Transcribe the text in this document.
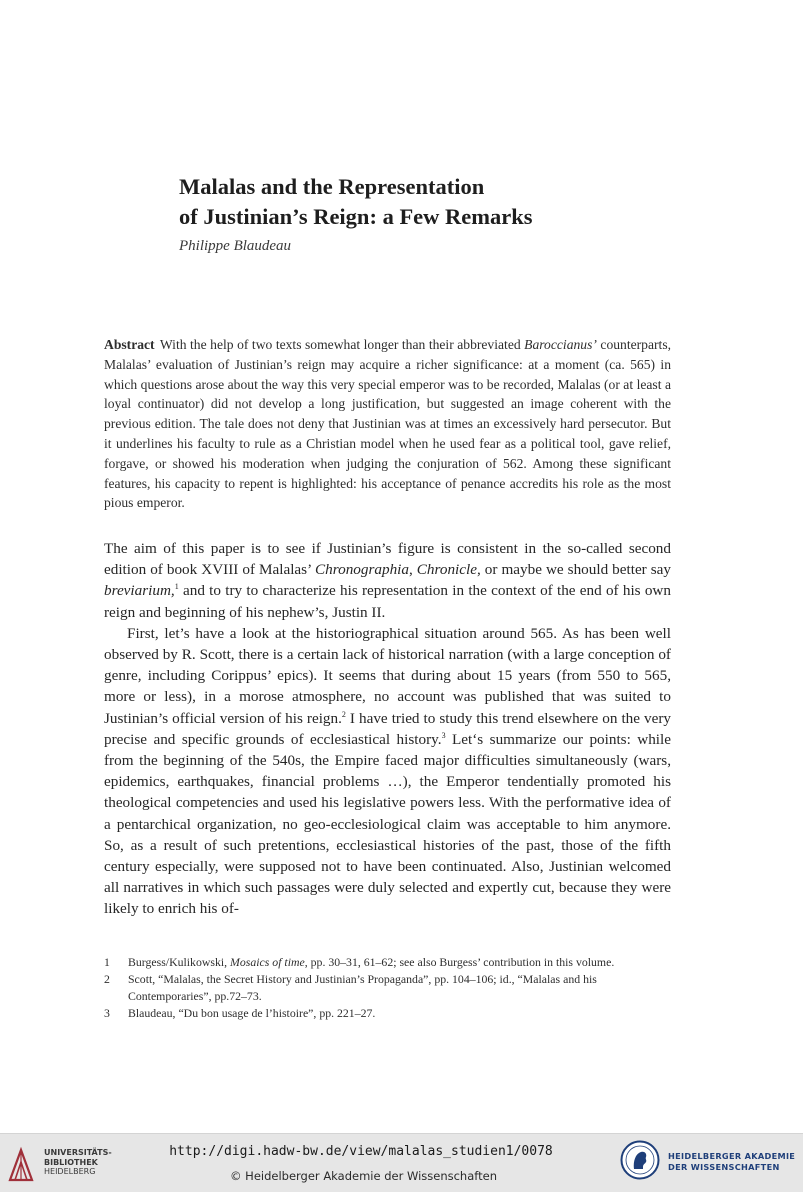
Malalas and the Representation
of Justinian’s Reign: a Few Remarks
Philippe Blaudeau
Abstract With the help of two texts somewhat longer than their abbreviated Baroccianus’ counterparts, Malalas’ evaluation of Justinian’s reign may acquire a richer significance: at a moment (ca. 565) in which questions arose about the way this very special emperor was to be recorded, Malalas (or at least a loyal continuator) did not develop a long justification, but suggested an image coherent with the previous edition. The tale does not deny that Justinian was at times an excessively hard persecutor. But it underlines his faculty to rule as a Christian model when he used fear as a political tool, gave relief, forgave, or showed his moderation when judging the conjuration of 562. Among these significant features, his capacity to repent is highlighted: his acceptance of penance accredits his role as the most pious emperor.

The aim of this paper is to see if Justinian’s figure is consistent in the so-called second edition of book XVIII of Malalas’ Chronographia, Chronicle, or maybe we should better say breviarium,$^1$ and to try to characterize his representation in the context of the end of his own reign and beginning of his nephew’s, Justin II.

First, let’s have a look at the historiographical situation around 565. As has been well observed by R. Scott, there is a certain lack of historical narration (with a large conception of genre, including Corippus’ epics). It seems that during about 15 years (from 550 to 565, more or less), in a morose atmosphere, no account was published that was suited to Justinian’s official version of his reign.$^2$ I have tried to study this trend elsewhere on the very precise and specific grounds of ecclesiastical history.$^3$ Let‘s summarize our points: while from the beginning of the 540s, the Empire faced major difficulties simultaneously (wars, epidemics, earthquakes, financial problems …), the Emperor tendentially promoted his theological competencies and used his legislative powers less. With the performative idea of a pentarchical organization, no geo-ecclesiological claim was acceptable to him anymore. So, as a result of such pretentions, ecclesiastical histories of the past, those of the fifth century especially, were supposed not to have been continuated. Also, Justinian welcomed all narratives in which such passages were duly selected and expertly cut, because they were likely to enrich his of-

1	Burgess/Kulikowski, Mosaics of time, pp. 30–31, 61–62; see also Burgess’ contribution in this volume.
2	Scott, “Malalas, the Secret History and Justinian’s Propaganda”, pp. 104–106; id., “Malalas and his Contemporaries”, pp.72–73.
3	Blaudeau, “Du bon usage de l’histoire”, pp. 221–27.
UNIVERSITÄTS-
BIBLIOTHEK
HEIDELBERG
http://digi.hadw-bw.de/view/malalas_studien1/0078
© Heidelberger Akademie der Wissenschaften
HEIDELBERGER AKADEMIE
DER WISSENSCHAFTEN
